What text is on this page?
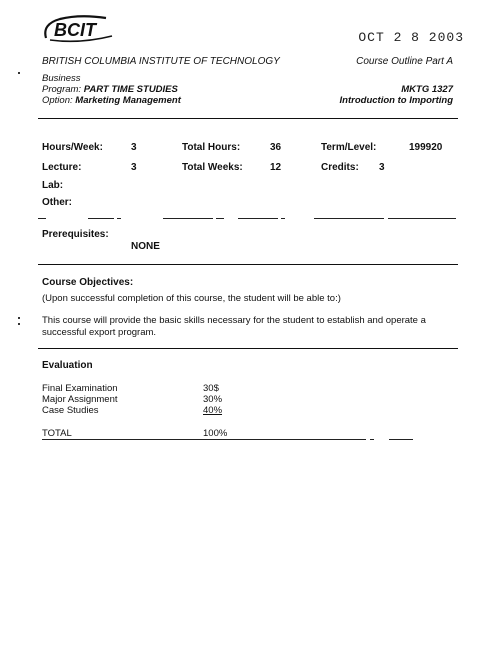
BCIT	OCT 2 8 2003
BRITISH COLUMBIA INSTITUTE OF TECHNOLOGY	Course Outline Part A
Business
Program: PART TIME STUDIES	MKTG 1327
Option: Marketing Management	Introduction to Importing
Hours/Week:	3	Total Hours:	36	Term/Level:	199920
Lecture:	3	Total Weeks:	12	Credits: 3
Lab:
Other:
Prerequisites:
NONE
Course Objectives:
(Upon successful completion of this course, the student will be able to:)
This course will provide the basic skills necessary for the student to establish and operate a
successful export program.
Evaluation
Final Examination	30$
Major Assignment	30%
Case Studies	40%
TOTAL	100%
